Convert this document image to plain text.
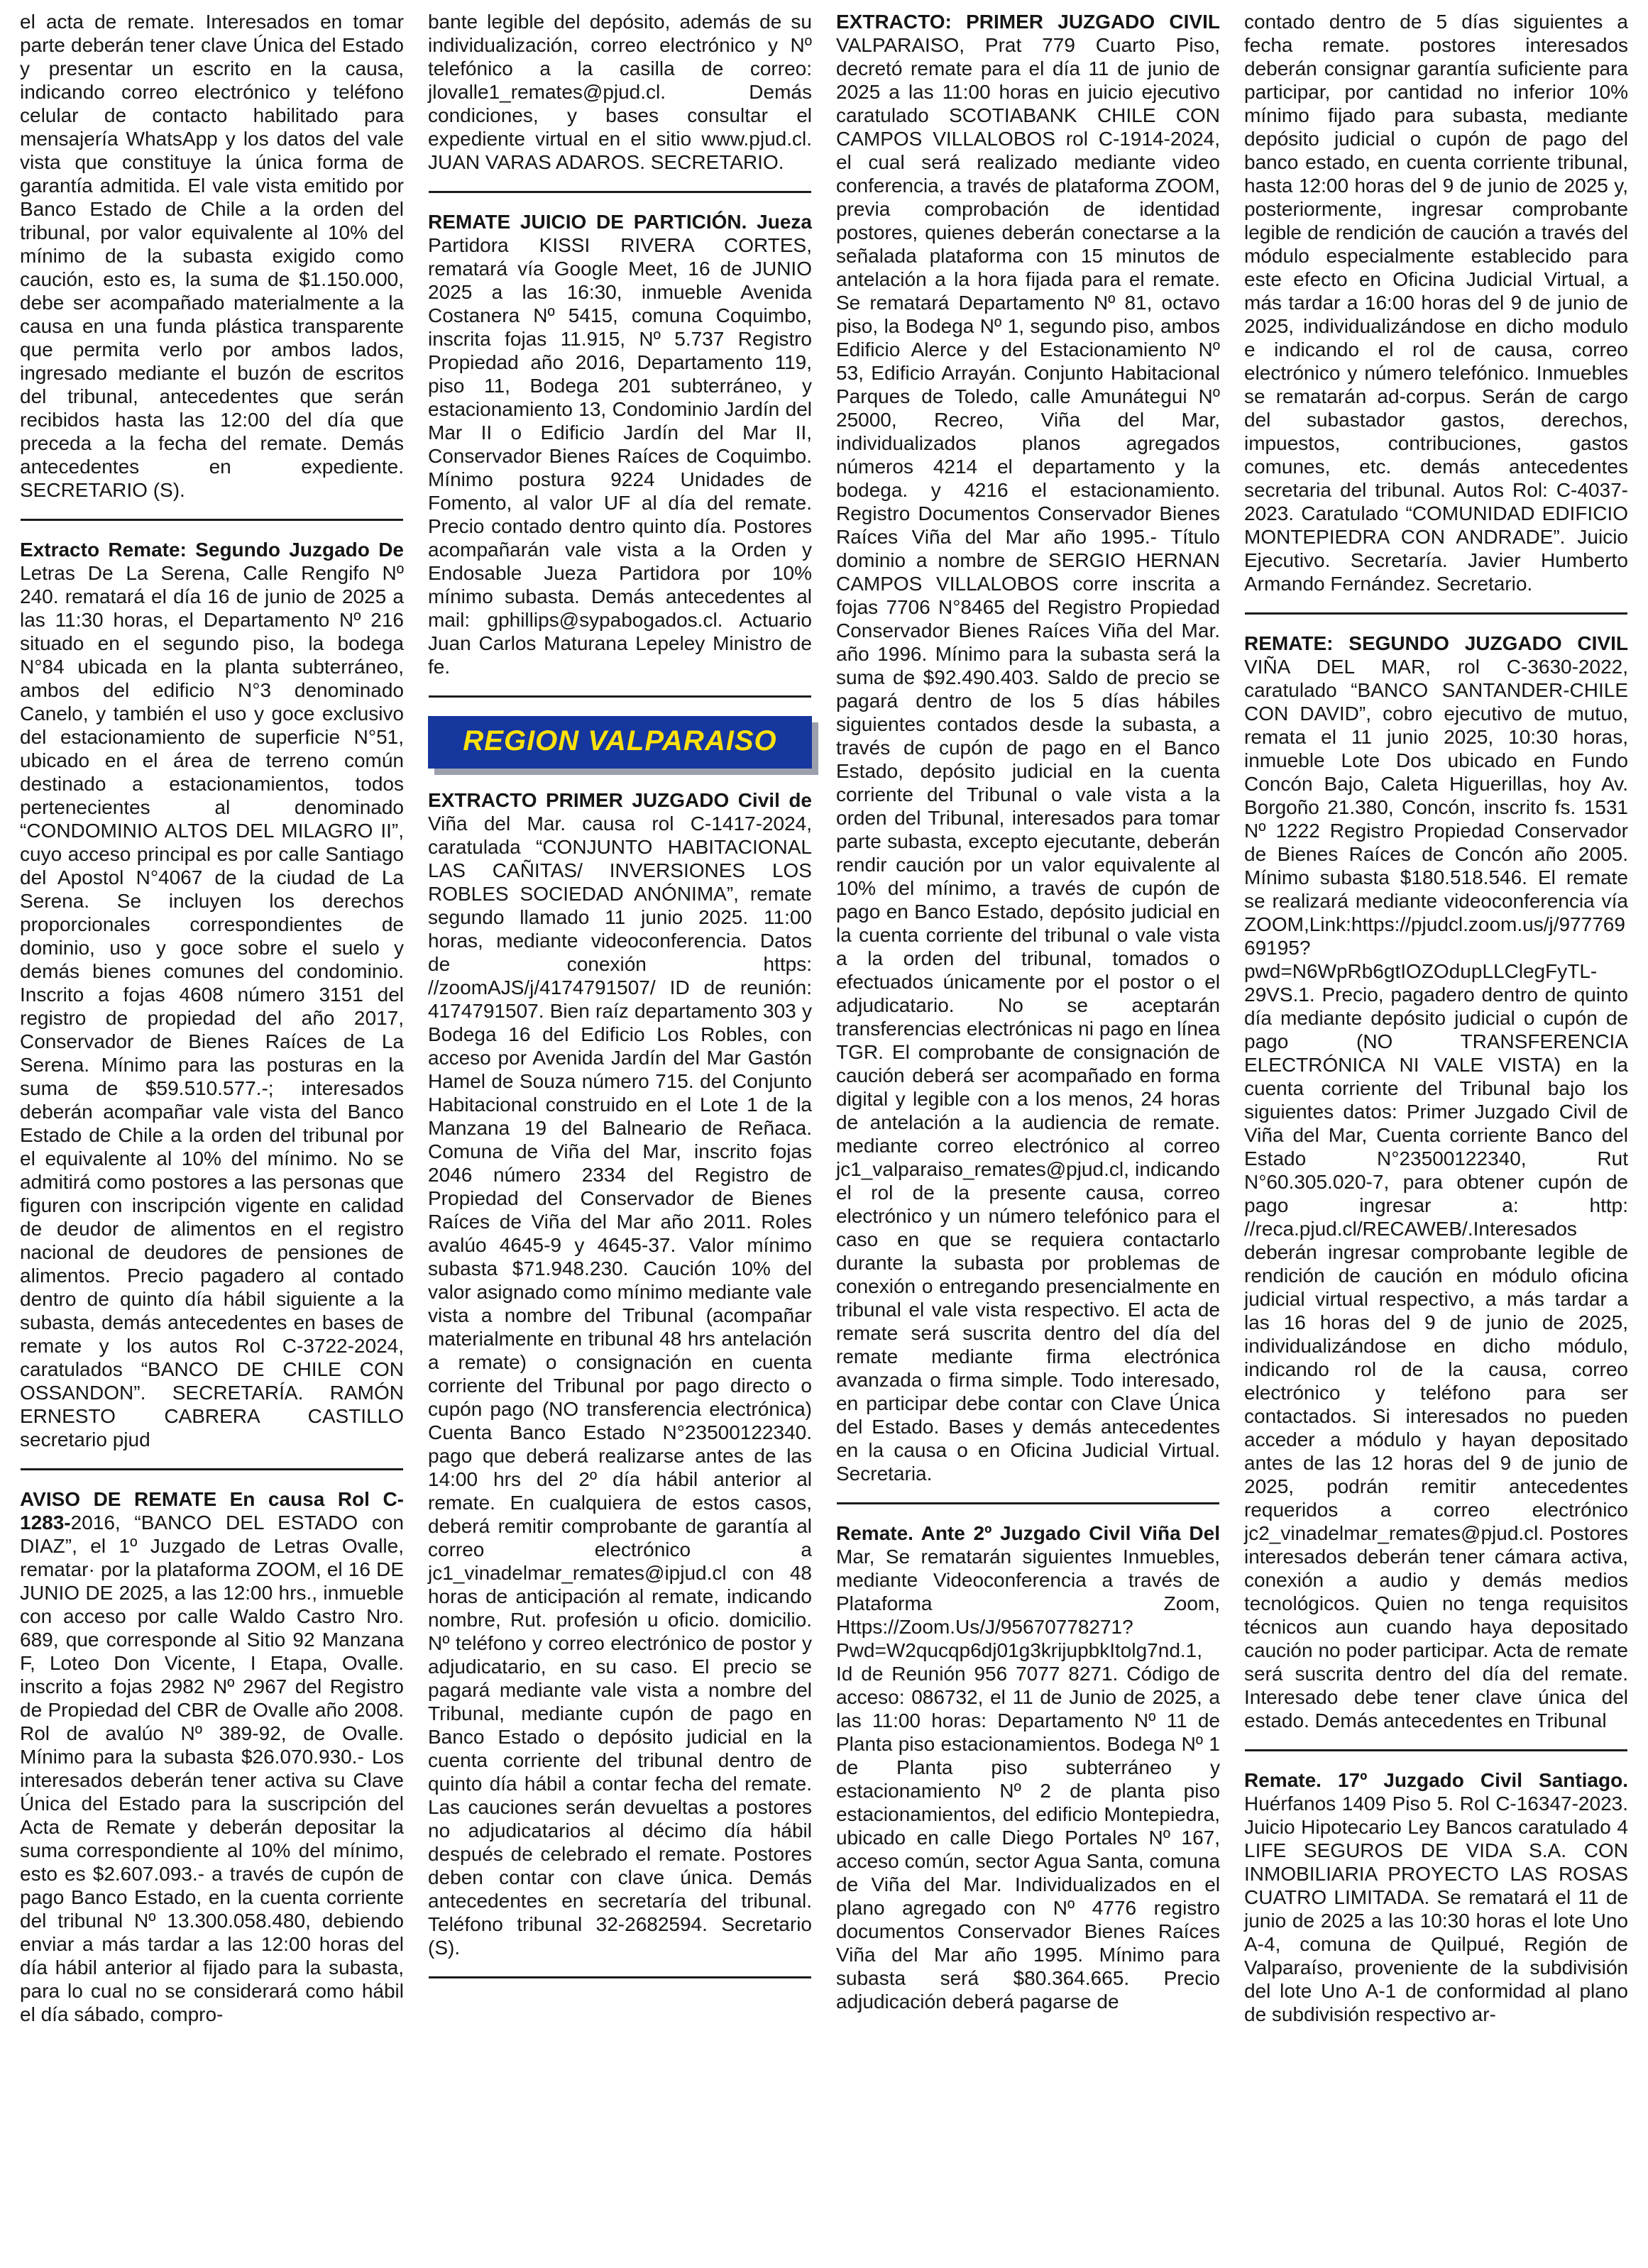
el acta de remate. Interesados en tomar parte deberán tener clave Única del Estado y presentar un escrito en la causa, indicando correo electrónico y teléfono celular de contacto habilitado para mensajería WhatsApp y los datos del vale vista que constituye la única forma de garantía admitida. El vale vista emitido por Banco Estado de Chile a la orden del tribunal, por valor equivalente al 10% del mínimo de la subasta exigido como caución, esto es, la suma de $1.150.000, debe ser acompañado materialmente a la causa en una funda plástica transparente que permita verlo por ambos lados, ingresado mediante el buzón de escritos del tribunal, antecedentes que serán recibidos hasta las 12:00 del día que preceda a la fecha del remate. Demás antecedentes en expediente. SECRETARIO (S).

Extracto Remate: Segundo Juzgado De Letras De La Serena, Calle Rengifo Nº 240. rematará el día 16 de junio de 2025 a las 11:30 horas, el Departamento Nº 216 situado en el segundo piso, la bodega N°84 ubicada en la planta subterráneo, ambos del edificio N°3 denominado Canelo, y también el uso y goce exclusivo del estacionamiento de superficie N°51, ubicado en el área de terreno común destinado a estacionamientos, todos pertenecientes al denominado “CONDOMINIO ALTOS DEL MILAGRO II”, cuyo acceso principal es por calle Santiago del Apostol N°4067 de la ciudad de La Serena. Se incluyen los derechos proporcionales correspondientes de dominio, uso y goce sobre el suelo y demás bienes comunes del condominio. Inscrito a fojas 4608 número 3151 del registro de propiedad del año 2017, Conservador de Bienes Raíces de La Serena. Mínimo para las posturas en la suma de $59.510.577.-; interesados deberán acompañar vale vista del Banco Estado de Chile a la orden del tribunal por el equivalente al 10% del mínimo. No se admitirá como postores a las personas que figuren con inscripción vigente en calidad de deudor de alimentos en el registro nacional de deudores de pensiones de alimentos. Precio pagadero al contado dentro de quinto día hábil siguiente a la subasta, demás antecedentes en bases de remate y los autos Rol C-3722-2024, caratulados “BANCO DE CHILE CON OSSANDON”. SECRETARÍA. RAMÓN ERNESTO CABRERA CASTILLO secretario pjud

AVISO DE REMATE En causa Rol C-1283-2016, “BANCO DEL ESTADO con DIAZ”, el 1º Juzgado de Letras Ovalle, rematar· por la plataforma ZOOM, el 16 DE JUNIO DE 2025, a las 12:00 hrs., inmueble con acceso por calle Waldo Castro Nro. 689, que corresponde al Sitio 92 Manzana F, Loteo Don Vicente, I Etapa, Ovalle. inscrito a fojas 2982 Nº 2967 del Registro de Propiedad del CBR de Ovalle año 2008. Rol de avalúo Nº 389-92, de Ovalle. Mínimo para la subasta $26.070.930.- Los interesados deberán tener activa su Clave Única del Estado para la suscripción del Acta de Remate y deberán depositar la suma correspondiente al 10% del mínimo, esto es $2.607.093.- a través de cupón de pago Banco Estado, en la cuenta corriente del tribunal Nº 13.300.058.480, debiendo enviar a más tardar a las 12:00 horas del día hábil anterior al fijado para la subasta, para lo cual no se considerará como hábil el día sábado, compro-

bante legible del depósito, además de su individualización, correo electrónico y Nº telefónico a la casilla de correo: jlovalle1_remates@pjud.cl. Demás condiciones, y bases consultar el expediente virtual en el sitio www.pjud.cl. JUAN VARAS ADAROS. SECRETARIO.

REMATE JUICIO DE PARTICIÓN. Jueza Partidora KISSI RIVERA CORTES, rematará vía Google Meet, 16 de JUNIO 2025 a las 16:30, inmueble Avenida Costanera Nº 5415, comuna Coquimbo, inscrita fojas 11.915, Nº 5.737 Registro Propiedad año 2016, Departamento 119, piso 11, Bodega 201 subterráneo, y estacionamiento 13, Condominio Jardín del Mar II o Edificio Jardín del Mar II, Conservador Bienes Raíces de Coquimbo. Mínimo postura 9224 Unidades de Fomento, al valor UF al día del remate. Precio contado dentro quinto día. Postores acompañarán vale vista a la Orden y Endosable Jueza Partidora por 10% mínimo subasta. Demás antecedentes al mail: gphillips@sypabogados.cl. Actuario Juan Carlos Maturana Lepeley Ministro de fe.

REGION VALPARAISO

EXTRACTO PRIMER JUZGADO Civil de Viña del Mar. causa rol C-1417-2024, caratulada “CONJUNTO HABITACIONAL LAS CAÑITAS/ INVERSIONES LOS ROBLES SOCIEDAD ANÓNIMA”, remate segundo llamado 11 junio 2025. 11:00 horas, mediante videoconferencia. Datos de conexión https: //zoomAJS/j/4174791507/ ID de reunión: 4174791507. Bien raíz departamento 303 y Bodega 16 del Edificio Los Robles, con acceso por Avenida Jardín del Mar Gastón Hamel de Souza número 715. del Conjunto Habitacional construido en el Lote 1 de la Manzana 19 del Balneario de Reñaca. Comuna de Viña del Mar, inscrito fojas 2046 número 2334 del Registro de Propiedad del Conservador de Bienes Raíces de Viña del Mar año 2011. Roles avalúo 4645-9 y 4645-37. Valor mínimo subasta $71.948.230. Caución 10% del valor asignado como mínimo mediante vale vista a nombre del Tribunal (acompañar materialmente en tribunal 48 hrs antelación a remate) o consignación en cuenta corriente del Tribunal por pago directo o cupón pago (NO transferencia electrónica) Cuenta Banco Estado N°23500122340. pago que deberá realizarse antes de las 14:00 hrs del 2º día hábil anterior al remate. En cualquiera de estos casos, deberá remitir comprobante de garantía al correo electrónico a jc1_vinadelmar_remates@ipjud.cl con 48 horas de anticipación al remate, indicando nombre, Rut. profesión u oficio. domicilio. Nº teléfono y correo electrónico de postor y adjudicatario, en su caso. El precio se pagará mediante vale vista a nombre del Tribunal, mediante cupón de pago en Banco Estado o depósito judicial en la cuenta corriente del tribunal dentro de quinto día hábil a contar fecha del remate. Las cauciones serán devueltas a postores no adjudicatarios al décimo día hábil después de celebrado el remate. Postores deben contar con clave única. Demás antecedentes en secretaría del tribunal. Teléfono tribunal 32-2682594. Secretario (S).

EXTRACTO: PRIMER JUZGADO CIVIL VALPARAISO, Prat 779 Cuarto Piso, decretó remate para el día 11 de junio de 2025 a las 11:00 horas en juicio ejecutivo caratulado SCOTIABANK CHILE CON CAMPOS VILLALOBOS rol C-1914-2024, el cual será realizado mediante video conferencia, a través de plataforma ZOOM, previa comprobación de identidad postores, quienes deberán conectarse a la señalada plataforma con 15 minutos de antelación a la hora fijada para el remate. Se rematará Departamento Nº 81, octavo piso, la Bodega Nº 1, segundo piso, ambos Edificio Alerce y del Estacionamiento Nº 53, Edificio Arrayán. Conjunto Habitacional Parques de Toledo, calle Amunátegui Nº 25000, Recreo, Viña del Mar, individualizados planos agregados números 4214 el departamento y la bodega. y 4216 el estacionamiento. Registro Documentos Conservador Bienes Raíces Viña del Mar año 1995.- Título dominio a nombre de SERGIO HERNAN CAMPOS VILLALOBOS corre inscrita a fojas 7706 N°8465 del Registro Propiedad Conservador Bienes Raíces Viña del Mar. año 1996. Mínimo para la subasta será la suma de $92.490.403. Saldo de precio se pagará dentro de los 5 días hábiles siguientes contados desde la subasta, a través de cupón de pago en el Banco Estado, depósito judicial en la cuenta corriente del Tribunal o vale vista a la orden del Tribunal, interesados para tomar parte subasta, excepto ejecutante, deberán rendir caución por un valor equivalente al 10% del mínimo, a través de cupón de pago en Banco Estado, depósito judicial en la cuenta corriente del tribunal o vale vista a la orden del tribunal, tomados o efectuados únicamente por el postor o el adjudicatario. No se aceptarán transferencias electrónicas ni pago en línea TGR. El comprobante de consignación de caución deberá ser acompañado en forma digital y legible con a los menos, 24 horas de antelación a la audiencia de remate. mediante correo electrónico al correo jc1_valparaiso_remates@pjud.cl, indicando el rol de la presente causa, correo electrónico y un número telefónico para el caso en que se requiera contactarlo durante la subasta por problemas de conexión o entregando presencialmente en tribunal el vale vista respectivo. El acta de remate será suscrita dentro del día del remate mediante firma electrónica avanzada o firma simple. Todo interesado, en participar debe contar con Clave Única del Estado. Bases y demás antecedentes en la causa o en Oficina Judicial Virtual. Secretaria.

Remate. Ante 2º Juzgado Civil Viña Del Mar, Se rematarán siguientes Inmuebles, mediante Videoconferencia a través de Plataforma Zoom, Https://Zoom.Us/J/95670778271?Pwd=W2qucqp6dj01g3krijupbkItolg7nd.1, Id de Reunión 956 7077 8271. Código de acceso: 086732, el 11 de Junio de 2025, a las 11:00 horas: Departamento Nº 11 de Planta piso estacionamientos. Bodega Nº 1 de Planta piso subterráneo y estacionamiento Nº 2 de planta piso estacionamientos, del edificio Montepiedra, ubicado en calle Diego Portales Nº 167, acceso común, sector Agua Santa, comuna de Viña del Mar. Individualizados en el plano agregado con Nº 4776 registro documentos Conservador Bienes Raíces Viña del Mar año 1995. Mínimo para subasta será $80.364.665. Precio adjudicación deberá pagarse de

contado dentro de 5 días siguientes a fecha remate. postores interesados deberán consignar garantía suficiente para participar, por cantidad no inferior 10% mínimo fijado para subasta, mediante depósito judicial o cupón de pago del banco estado, en cuenta corriente tribunal, hasta 12:00 horas del 9 de junio de 2025 y, posteriormente, ingresar comprobante legible de rendición de caución a través del módulo especialmente establecido para este efecto en Oficina Judicial Virtual, a más tardar a 16:00 horas del 9 de junio de 2025, individualizándose en dicho modulo e indicando el rol de causa, correo electrónico y número telefónico. Inmuebles se rematarán ad-corpus. Serán de cargo del subastador gastos, derechos, impuestos, contribuciones, gastos comunes, etc. demás antecedentes secretaria del tribunal. Autos Rol: C-4037-2023. Caratulado “COMUNIDAD EDIFICIO MONTEPIEDRA CON ANDRADE”. Juicio Ejecutivo. Secretaría. Javier Humberto Armando Fernández. Secretario.

REMATE: SEGUNDO JUZGADO CIVIL VIÑA DEL MAR, rol C-3630-2022, caratulado “BANCO SANTANDER-CHILE CON DAVID”, cobro ejecutivo de mutuo, remata el 11 junio 2025, 10:30 horas, inmueble Lote Dos ubicado en Fundo Concón Bajo, Caleta Higuerillas, hoy Av. Borgoño 21.380, Concón, inscrito fs. 1531 Nº 1222 Registro Propiedad Conservador de Bienes Raíces de Concón año 2005. Mínimo subasta $180.518.546. El remate se realizará mediante videoconferencia vía ZOOM,Link:https://pjudcl.zoom.us/j/97776969195?pwd=N6WpRb6gtIOZOdupLLClegFyTL-29VS.1. Precio, pagadero dentro de quinto día mediante depósito judicial o cupón de pago (NO TRANSFERENCIA ELECTRÓNICA NI VALE VISTA) en la cuenta corriente del Tribunal bajo los siguientes datos: Primer Juzgado Civil de Viña del Mar, Cuenta corriente Banco del Estado N°23500122340, Rut N°60.305.020-7, para obtener cupón de pago ingresar a: http: //reca.pjud.cl/RECAWEB/.Interesados deberán ingresar comprobante legible de rendición de caución en módulo oficina judicial virtual respectivo, a más tardar a las 16 horas del 9 de junio de 2025, individualizándose en dicho módulo, indicando rol de la causa, correo electrónico y teléfono para ser contactados. Si interesados no pueden acceder a módulo y hayan depositado antes de las 12 horas del 9 de junio de 2025, podrán remitir antecedentes requeridos a correo electrónico jc2_vinadelmar_remates@pjud.cl. Postores interesados deberán tener cámara activa, conexión a audio y demás medios tecnológicos. Quien no tenga requisitos técnicos aun cuando haya depositado caución no poder participar. Acta de remate será suscrita dentro del día del remate. Interesado debe tener clave única del estado. Demás antecedentes en Tribunal

Remate. 17º Juzgado Civil Santiago. Huérfanos 1409 Piso 5. Rol C-16347-2023. Juicio Hipotecario Ley Bancos caratulado 4 LIFE SEGUROS DE VIDA S.A. CON INMOBILIARIA PROYECTO LAS ROSAS CUATRO LIMITADA. Se rematará el 11 de junio de 2025 a las 10:30 horas el lote Uno A-4, comuna de Quilpué, Región de Valparaíso, proveniente de la subdivisión del lote Uno A-1 de conformidad al plano de subdivisión respectivo ar-
